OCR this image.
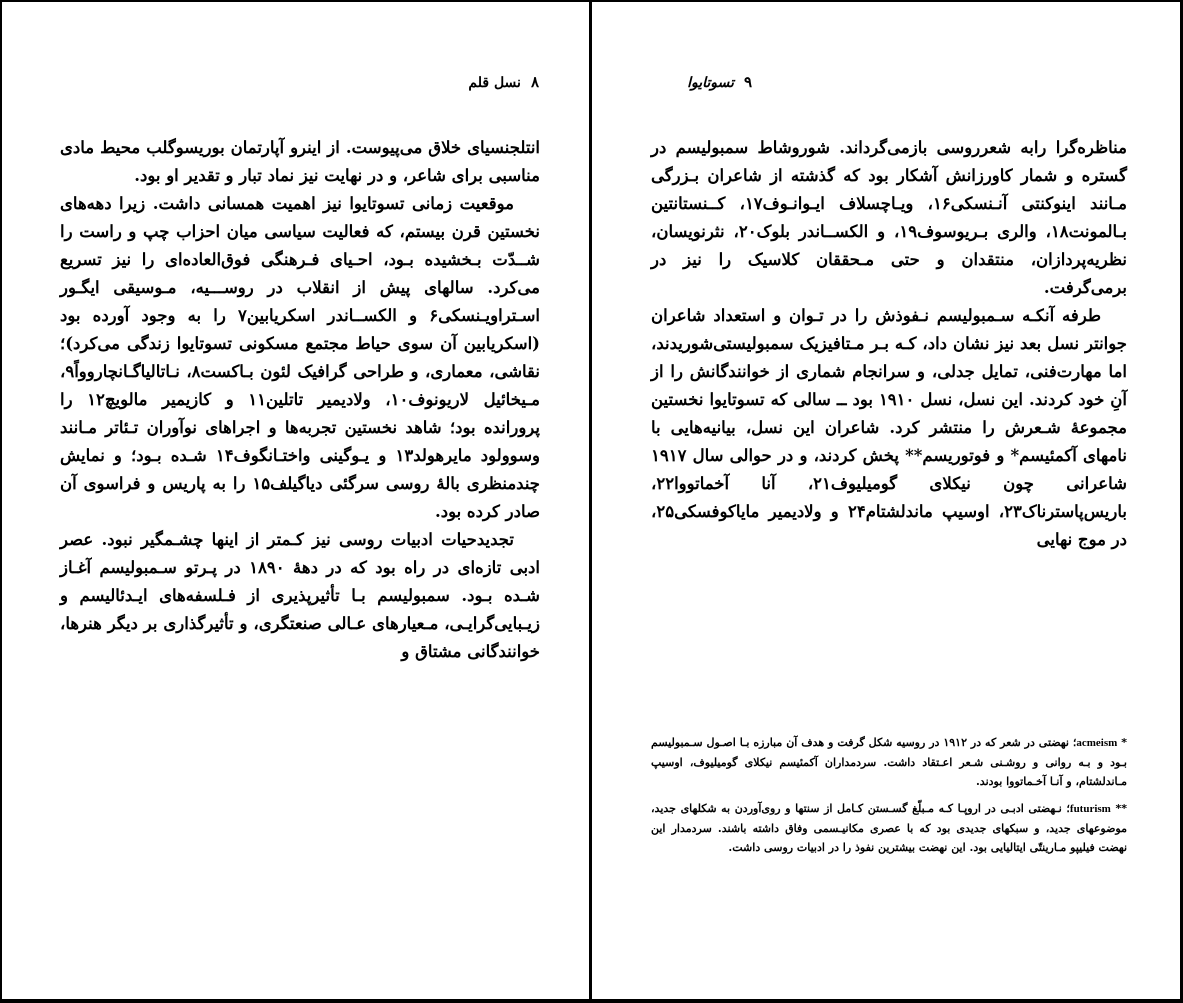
۸
نسل قلم

انتلجنسیای خلاق می‌پیوست. از اینرو آپارتمان بوریسوگلب محیط مادی مناسبی برای شاعر، و در نهایت نیز نماد تبار و تقدیر او بود.

موقعیت زمانی تسوتایوا نیز اهمیت همسانی داشت. زیرا دهه‌های نخستین قرن بیستم، که فعالیت سیاسی میان احزاب چپ و راست را شــدّت بـخشیده بـود، احـیای فـرهنگی فوق‌العاده‌ای را نیز تسریع می‌کرد. سالهای پیش از انقلاب در روســـیه، مـوسیقی ایگـور اسـتراویـنسکی۶ و الکســاندر اسکریابین۷ را به وجود آورده بود (اسکریابین آن سوی حیاط مجتمع مسکونی تسوتایوا زندگی می‌کرد)؛ نقاشی، معماری، و طراحی گرافیک لئون بـاکست۸، نـاتالیاگـانچاروواً۹، مـیخائیل لاریونوف۱۰، ولادیمیر تاتلین۱۱ و کازیمیر مالویچ۱۲ را پرورانده بود؛ شاهد نخستین تجربه‌ها و اجراهای نوآوران تـئاتر مـانند وسوولود مایرهولد۱۳ و یـوگینی واختـانگوف۱۴ شـده بـود؛ و نمایش چندمنظری باله‌ٔ روسی سرگئی دیاگیلف۱۵ را به پاریس و فراسوی آن صادر کرده بود.

تجدیدحیات ادبیات روسی نیز کـمتر از اینها چشـمگیر نبود. عصر ادبی تازه‌ای در راه بود که در دهه‌ٔ ۱۸۹۰ در پـرتو سـمبولیسم آغـاز شـده بـود. سمبولیسم بـا تأثیرپذیری از فـلسفه‌های ایـدئالیسم و زیـبایی‌گرایـی، مـعیارهای عـالی صنعتگری، و تأثیرگذاری بر دیگر هنرها، خوانندگانی مشتاق و

۹
تسوتایوا

مناظره‌گرا رابه شعرروسی بازمی‌گرداند. شوروشاط سمبولیسم در گستره و شمار کاورزانش آشکار بود که گذشته از شاعران بـزرگی مـانند اینوکنتی آنـنسکی۱۶، ویـاچسلاف ایـوانـوف۱۷، کــنستانتین بـالمونت۱۸، والری بـریوسوف۱۹، و الکســاندر بلوک۲۰، نثرنویسان، نظریه‌پردازان، منتقدان و حتی مـحققان کلاسیک را نیز در برمی‌گرفت.

طرفه آنکـه سـمبولیسم نـفوذش را در تـوان و استعداد شاعران جوانتر نسل بعد نیز نشان داد، کـه بـر مـتافیزیک سمبولیستی‌شوریدند، اما مهارت‌فنی، تمایل جدلی، و سرانجام شماری از خوانندگانش را از آنِ خود کردند. این نسل، نسل ۱۹۱۰ بود ــ سالی که تسوتایوا نخستین مجموعهٔ شـعرش را منتشر کرد. شاعران این نسل، بیانیه‌هایی با نامهای آکمئیسم* و فوتوریسم** پخش کردند، و در حوالی سال ۱۹۱۷ شاعرانی چون نیکلای گومیلیوف۲۱، آنا آخماتووا۲۲، باریس‌پاسترناک۲۳، اوسیپ ماندلشتام۲۴ و ولادیمیر مایاکوفسکی۲۵، در موج نهایی

* acmeism؛ نهضتی در شعر که در ۱۹۱۲ در روسیه شکل گرفت و هدف آن مبارزه بـا اصـول سـمبولیسم بـود و بـه روانی و روشـنی شـعر اعـتقاد داشت. سردمداران آکمئیسم نیکلای گومیلیوف، اوسیپ مـاندلشتام، و آنـا آخـماتووا بودند.

** futurism؛ نـهضتی ادبـی در اروپـا کـه مـبلّغ گسـستن کـامل از سنتها و روی‌آوردن به شکلهای جدید، موضوعهای جدید، و سبکهای جدیدی بود که با عصری مکانیـسمی وفاق داشته باشند. سردمدار این نهضت فیلیپو مـارینتّی ایتالیایی بود. این نهضت بیشترین نفوذ را در ادبیات روسی داشت.
